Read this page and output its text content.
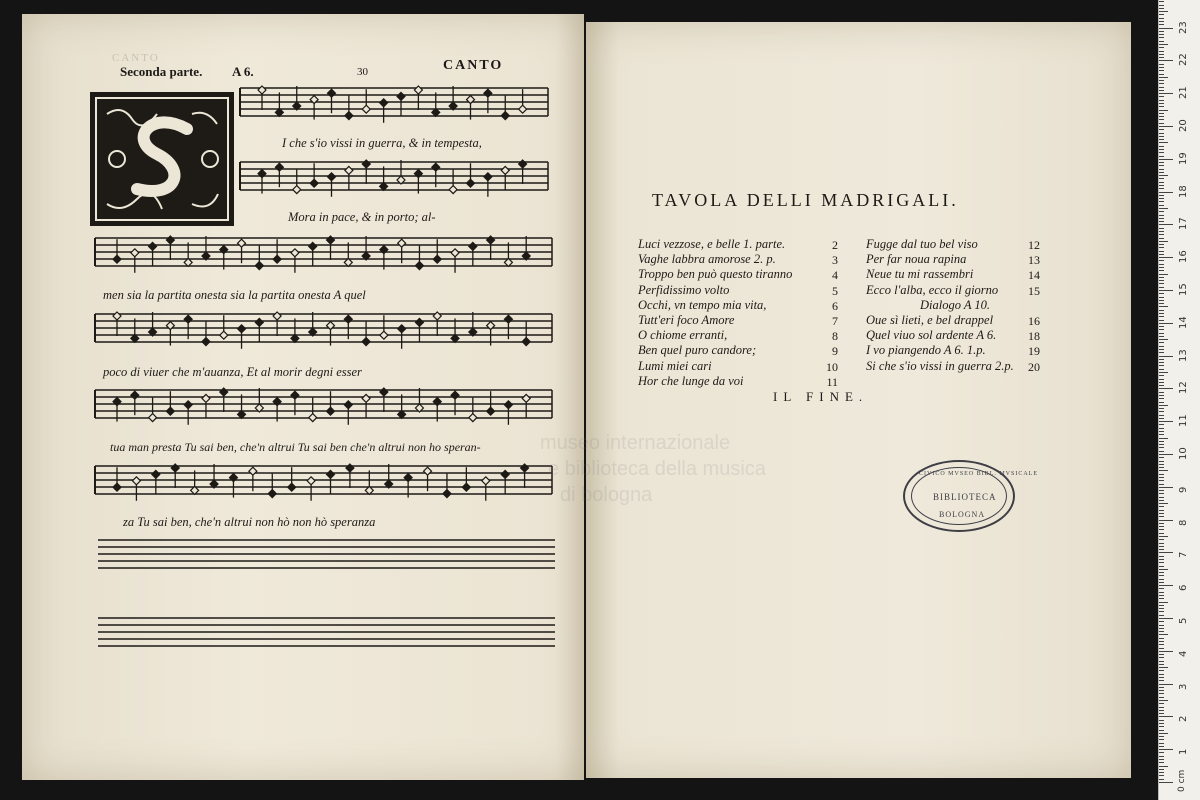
CANTO
Seconda parte. A 6.	30	CANTO
I che s'io vissi in guerra, & in tempesta,
Mora in pace, & in porto; al-
men sia la partita onesta sia la partita onesta A quel
poco di viuer che m'auanza, Et al morir degni esser
tua man presta Tu sai ben, che'n altrui Tu sai ben che'n altrui non ho speran-
za Tu sai ben, che'n altrui non hò non hò speranza
TAVOLA DELLI MADRIGALI.
Luci vezzose, e belle 1. parte.	2
Vaghe labbra amorose 2. p.	3
Troppo ben può questo tiranno	4
Perfidissimo volto	5
Occhi, vn tempo mia vita,	6
Tutt'eri foco Amore	7
O chiome erranti,	8
Ben quel puro candore;	9
Lumi miei cari	10
Hor che lunge da voi	11
Fugge dal tuo bel viso	12
Per far noua rapina	13
Neue tu mi rassembri	14
Ecco l'alba, ecco il giorno	15
Dialogo A 10.
Oue sì lieti, e bel drappel	16
Quel viuo sol ardente A 6.	18
I vo piangendo A 6. 1.p.	19
Si che s'io vissi in guerra 2.p.	20
IL FINE.
museo internazionale
e biblioteca della musica
di bologna
CIVICO MVSEO BIBL. MVSICALE
BIBLIOTECA
BOLOGNA
0 cm
1
2
3
4
5
6
7
8
9
10
11
12
13
14
15
16
17
18
19
20
21
22
23
